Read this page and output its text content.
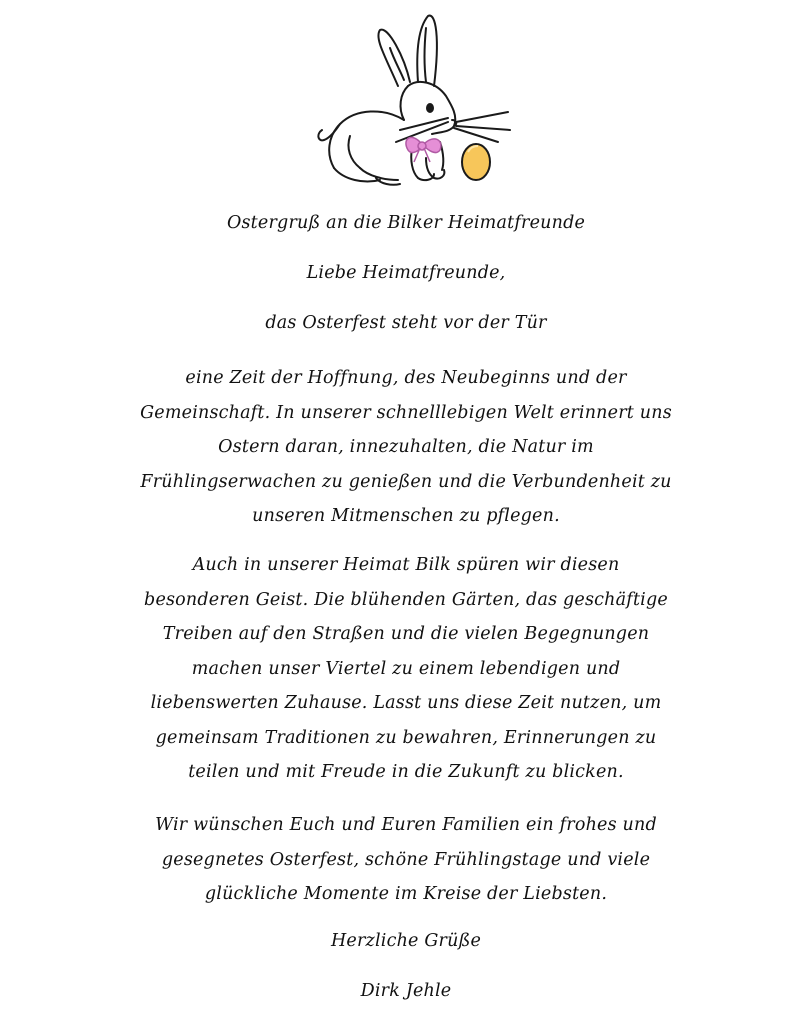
Ostergruß an die Bilker Heimatfreunde
Liebe Heimatfreunde,
das Osterfest steht vor der Tür
eine Zeit der Hoffnung, des Neubeginns und der
Gemeinschaft. In unserer schnelllebigen Welt erinnert uns
Ostern daran, innezuhalten, die Natur im
Frühlingserwachen zu genießen und die Verbundenheit zu
unseren Mitmenschen zu pflegen.
Auch in unserer Heimat Bilk spüren wir diesen
besonderen Geist. Die blühenden Gärten, das geschäftige
Treiben auf den Straßen und die vielen Begegnungen
machen unser Viertel zu einem lebendigen und
liebenswerten Zuhause. Lasst uns diese Zeit nutzen, um
gemeinsam Traditionen zu bewahren, Erinnerungen zu
teilen und mit Freude in die Zukunft zu blicken.
Wir wünschen Euch und Euren Familien ein frohes und
gesegnetes Osterfest, schöne Frühlingstage und viele
glückliche Momente im Kreise der Liebsten.
Herzliche Grüße
Dirk Jehle
